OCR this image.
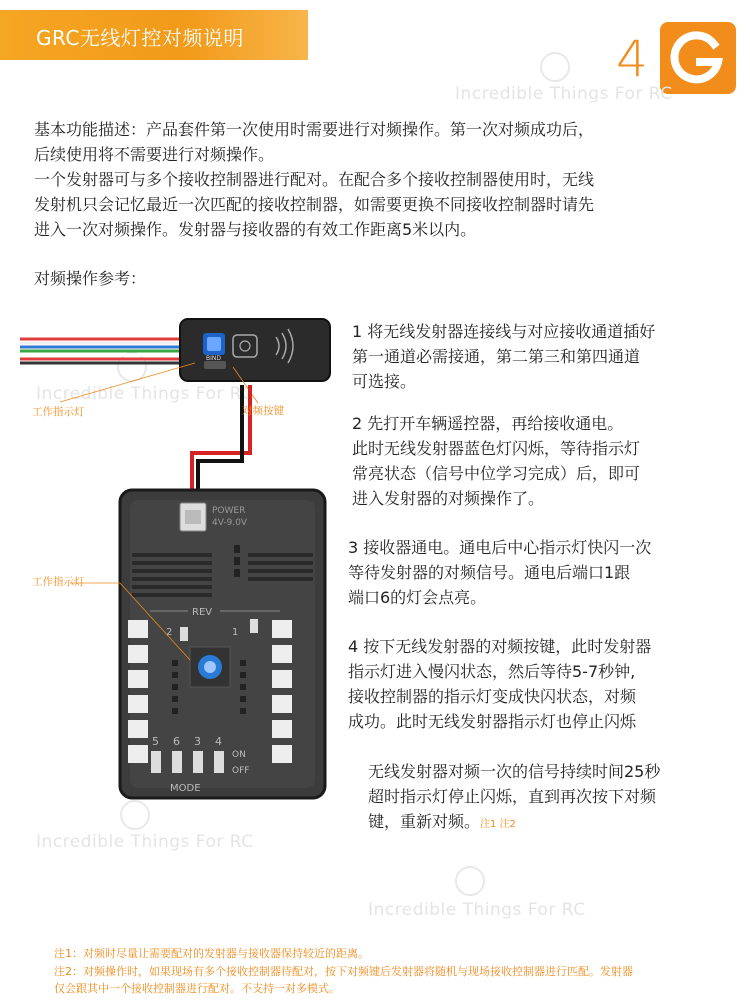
GRC无线灯控对频说明	4
Incredible Things For RC
Incredible Things For RC
Incredible Things For RC
Incredible Things For RC
基本功能描述：产品套件第一次使用时需要进行对频操作。第一次对频成功后，
后续使用将不需要进行对频操作。
一个发射器可与多个接收控制器进行配对。在配合多个接收控制器使用时，无线
发射机只会记忆最近一次匹配的接收控制器，如需要更换不同接收控制器时请先
进入一次对频操作。发射器与接收器的有效工作距离5米以内。
对频操作参考：
BIND
POWER
4V-9.0V
REV
2	1
5 6 3 4
ON
OFF
MODE
工作指示灯	对频按键
工作指示灯
1 将无线发射器连接线与对应接收通道插好
第一通道必需接通，第二第三和第四通道
可选接。
2 先打开车辆遥控器，再给接收通电。
此时无线发射器蓝色灯闪烁，等待指示灯
常亮状态（信号中位学习完成）后，即可
进入发射器的对频操作了。
3 接收器通电。通电后中心指示灯快闪一次
等待发射器的对频信号。通电后端口1跟
端口6的灯会点亮。
4 按下无线发射器的对频按键，此时发射器
指示灯进入慢闪状态，然后等待5-7秒钟,
接收控制器的指示灯变成快闪状态，对频
成功。此时无线发射器指示灯也停止闪烁
无线发射器对频一次的信号持续时间25秒
超时指示灯停止闪烁，直到再次按下对频
键，重新对频。注1 注2
注1：对频时尽量让需要配对的发射器与接收器保持较近的距离。
注2：对频操作时，如果现场有多个接收控制器待配对，按下对频键后发射器将随机与现场接收控制器进行匹配。发射器
仅会跟其中一个接收控制器进行配对。不支持一对多模式。
